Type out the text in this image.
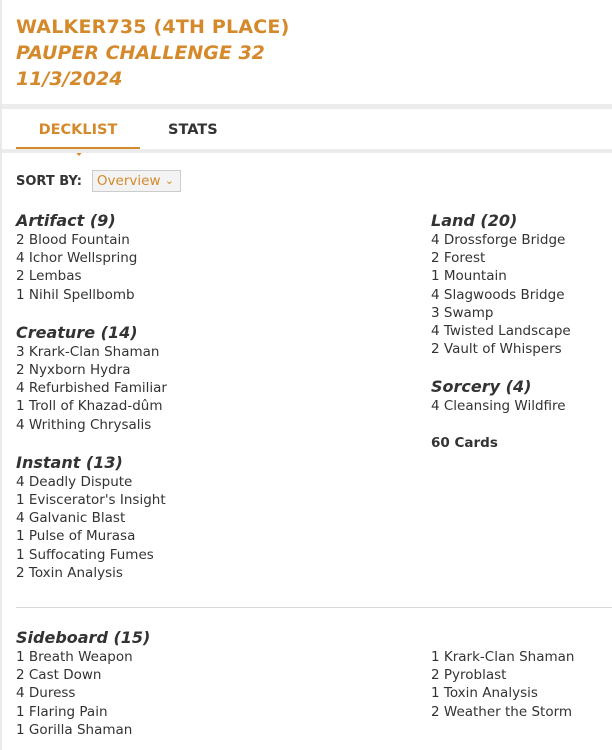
WALKER735 (4TH PLACE)
PAUPER CHALLENGE 32
11/3/2024
DECKLIST	STATS
SORT BY: Overview ⌄
Artifact (9)
2 Blood Fountain
4 Ichor Wellspring
2 Lembas
1 Nihil Spellbomb
Creature (14)
3 Krark-Clan Shaman
2 Nyxborn Hydra
4 Refurbished Familiar
1 Troll of Khazad-dûm
4 Writhing Chrysalis
Instant (13)
4 Deadly Dispute
1 Eviscerator's Insight
4 Galvanic Blast
1 Pulse of Murasa
1 Suffocating Fumes
2 Toxin Analysis
Land (20)
4 Drossforge Bridge
2 Forest
1 Mountain
4 Slagwoods Bridge
3 Swamp
4 Twisted Landscape
2 Vault of Whispers
Sorcery (4)
4 Cleansing Wildfire
60 Cards
Sideboard (15)
1 Breath Weapon
2 Cast Down
4 Duress
1 Flaring Pain
1 Gorilla Shaman
1 Krark-Clan Shaman
2 Pyroblast
1 Toxin Analysis
2 Weather the Storm
